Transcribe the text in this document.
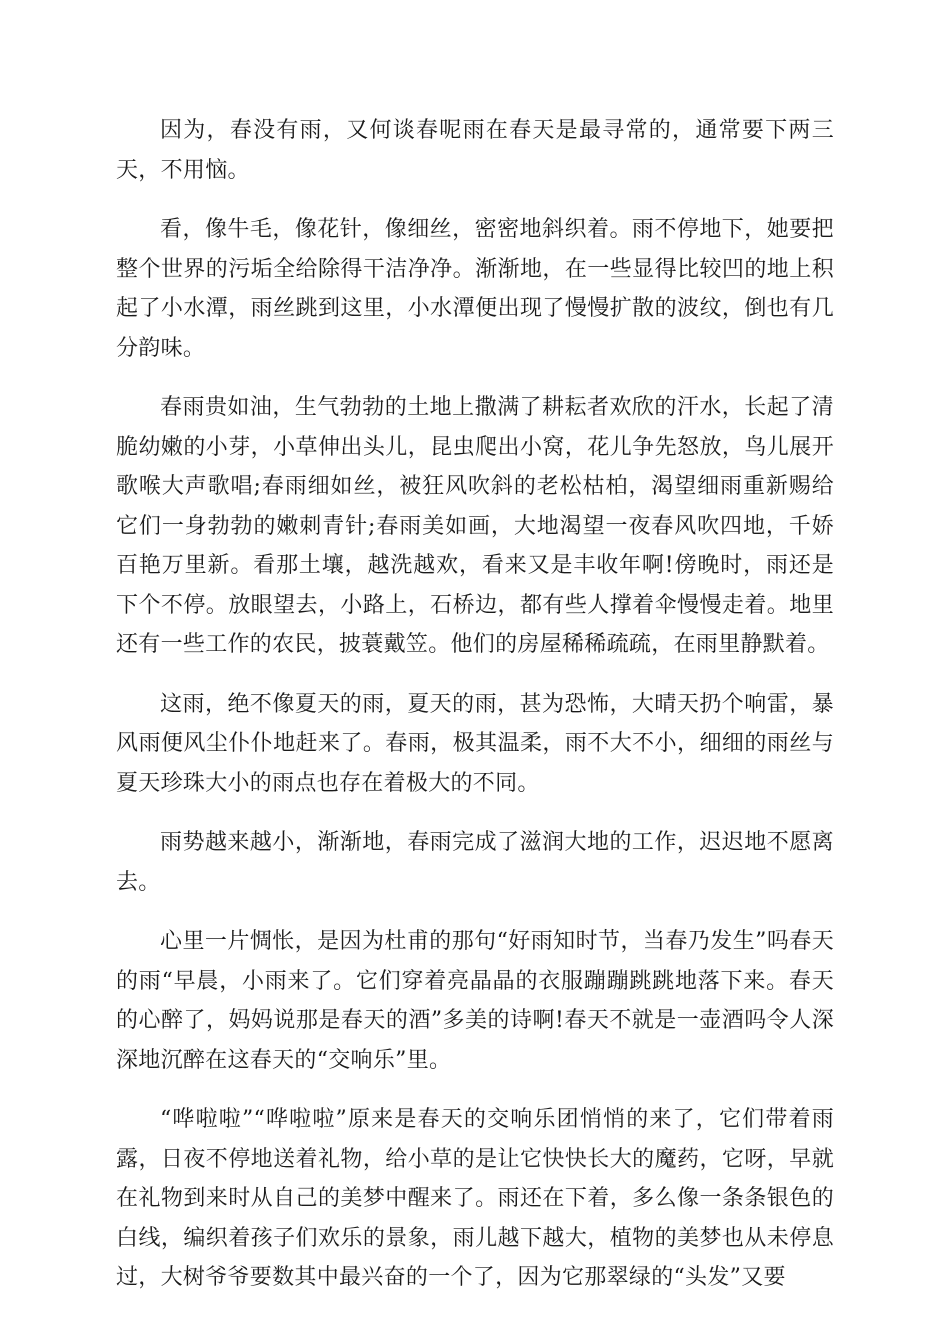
因为，春没有雨，又何谈春呢雨在春天是最寻常的，通常要下两三天，不用恼。

看，像牛毛，像花针，像细丝，密密地斜织着。雨不停地下，她要把整个世界的污垢全给除得干洁净净。渐渐地，在一些显得比较凹的地上积起了小水潭，雨丝跳到这里，小水潭便出现了慢慢扩散的波纹，倒也有几分韵味。

春雨贵如油，生气勃勃的土地上撒满了耕耘者欢欣的汗水，长起了清脆幼嫩的小芽，小草伸出头儿，昆虫爬出小窝，花儿争先怒放，鸟儿展开歌喉大声歌唱;春雨细如丝，被狂风吹斜的老松枯柏，渴望细雨重新赐给它们一身勃勃的嫩刺青针;春雨美如画，大地渴望一夜春风吹四地，千娇百艳万里新。看那土壤，越洗越欢，看来又是丰收年啊!傍晚时，雨还是下个不停。放眼望去，小路上，石桥边，都有些人撑着伞慢慢走着。地里还有一些工作的农民，披蓑戴笠。他们的房屋稀稀疏疏，在雨里静默着。

这雨，绝不像夏天的雨，夏天的雨，甚为恐怖，大晴天扔个响雷，暴风雨便风尘仆仆地赶来了。春雨，极其温柔，雨不大不小，细细的雨丝与夏天珍珠大小的雨点也存在着极大的不同。

雨势越来越小，渐渐地，春雨完成了滋润大地的工作，迟迟地不愿离去。

心里一片惆怅，是因为杜甫的那句“好雨知时节，当春乃发生”吗春天的雨“早晨，小雨来了。它们穿着亮晶晶的衣服蹦蹦跳跳地落下来。春天的心醉了，妈妈说那是春天的酒”多美的诗啊!春天不就是一壶酒吗令人深深地沉醉在这春天的“交响乐”里。

“哗啦啦”“哗啦啦”原来是春天的交响乐团悄悄的来了，它们带着雨露，日夜不停地送着礼物，给小草的是让它快快长大的魔药，它呀，早就在礼物到来时从自己的美梦中醒来了。雨还在下着，多么像一条条银色的白线，编织着孩子们欢乐的景象，雨儿越下越大，植物的美梦也从未停息过，大树爷爷要数其中最兴奋的一个了，因为它那翠绿的“头发”又要
